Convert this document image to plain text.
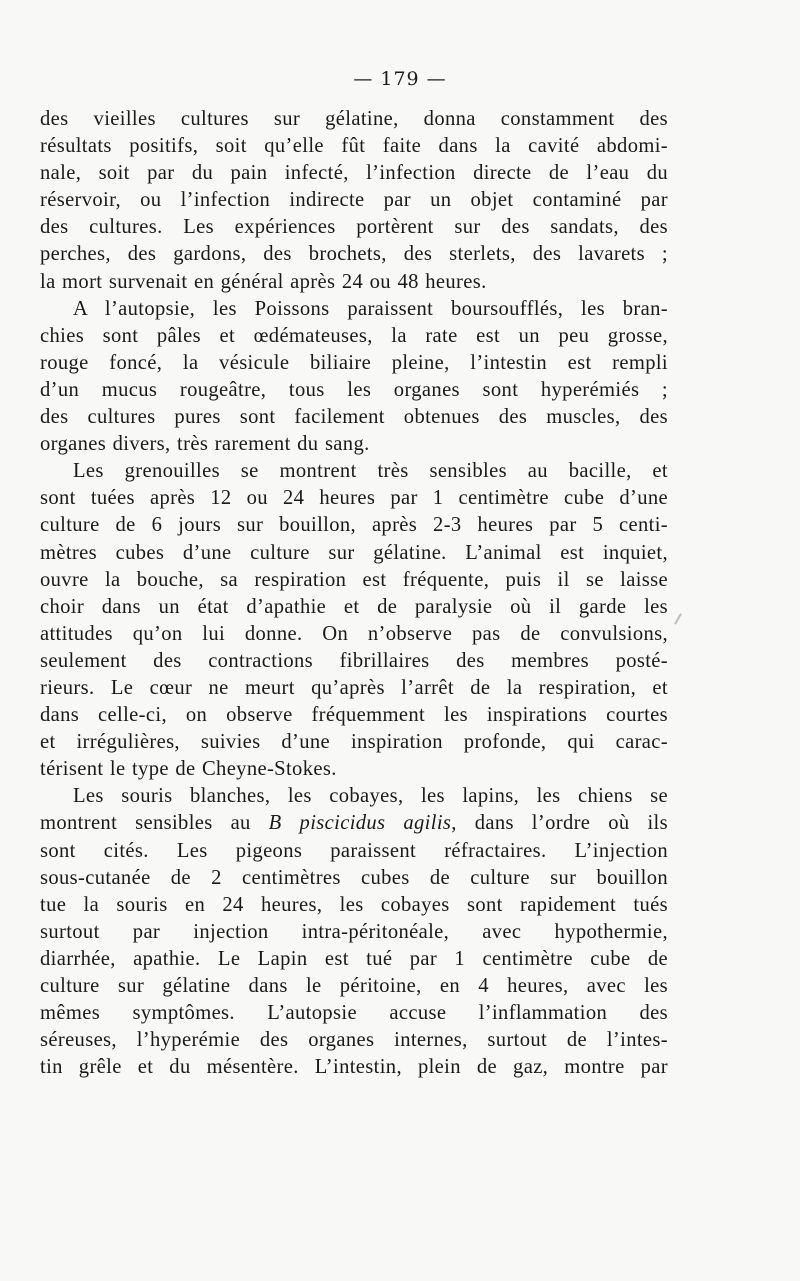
— 179 —
des vieilles cultures sur gélatine, donna constamment des
résultats positifs, soit qu’elle fût faite dans la cavité abdomi-
nale, soit par du pain infecté, l’infection directe de l’eau du
réservoir, ou l’infection indirecte par un objet contaminé par
des cultures. Les expériences portèrent sur des sandats, des
perches, des gardons, des brochets, des sterlets, des lavarets ;
la mort survenait en général après 24 ou 48 heures.
A l’autopsie, les Poissons paraissent boursoufflés, les bran-
chies sont pâles et œdémateuses, la rate est un peu grosse,
rouge foncé, la vésicule biliaire pleine, l’intestin est rempli
d’un mucus rougeâtre, tous les organes sont hyperémiés ;
des cultures pures sont facilement obtenues des muscles, des
organes divers, très rarement du sang.
Les grenouilles se montrent très sensibles au bacille, et
sont tuées après 12 ou 24 heures par 1 centimètre cube d’une
culture de 6 jours sur bouillon, après 2-3 heures par 5 centi-
mètres cubes d’une culture sur gélatine. L’animal est inquiet,
ouvre la bouche, sa respiration est fréquente, puis il se laisse
choir dans un état d’apathie et de paralysie où il garde les
attitudes qu’on lui donne. On n’observe pas de convulsions,
seulement des contractions fibrillaires des membres posté-
rieurs. Le cœur ne meurt qu’après l’arrêt de la respiration, et
dans celle-ci, on observe fréquemment les inspirations courtes
et irrégulières, suivies d’une inspiration profonde, qui carac-
térisent le type de Cheyne-Stokes.
Les souris blanches, les cobayes, les lapins, les chiens se
montrent sensibles au B piscicidus agilis, dans l’ordre où ils
sont cités. Les pigeons paraissent réfractaires. L’injection
sous-cutanée de 2 centimètres cubes de culture sur bouillon
tue la souris en 24 heures, les cobayes sont rapidement tués
surtout par injection intra-péritonéale, avec hypothermie,
diarrhée, apathie. Le Lapin est tué par 1 centimètre cube de
culture sur gélatine dans le péritoine, en 4 heures, avec les
mêmes symptômes. L’autopsie accuse l’inflammation des
séreuses, l’hyperémie des organes internes, surtout de l’intes-
tin grêle et du mésentère. L’intestin, plein de gaz, montre par
